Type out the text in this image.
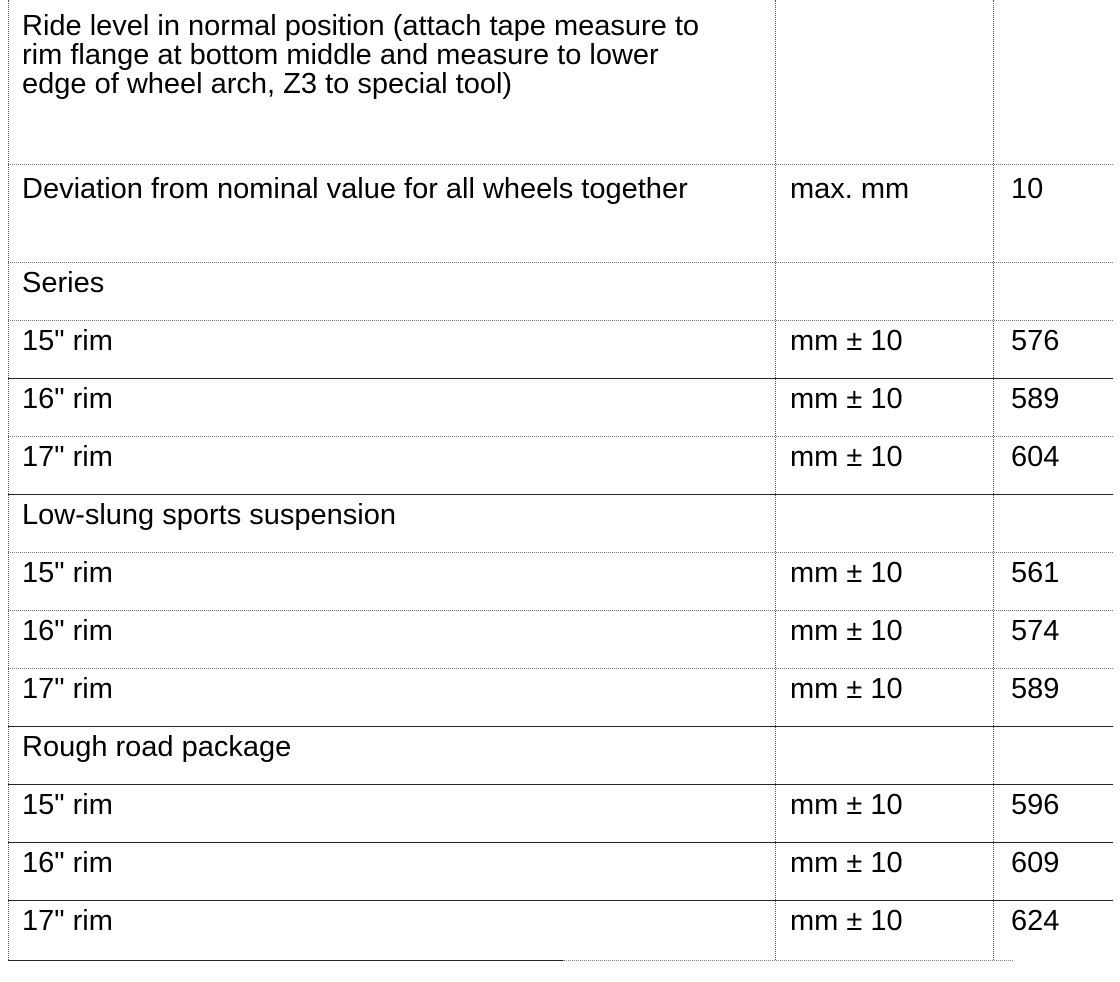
Ride level in normal position (attach tape measure to rim flange at bottom middle and measure to lower edge of wheel arch, Z3 to special tool)
Deviation from nominal value for all wheels together	max. mm	10
Series
15" rim	mm ± 10	576
16" rim	mm ± 10	589
17" rim	mm ± 10	604
Low-slung sports suspension
15" rim	mm ± 10	561
16" rim	mm ± 10	574
17" rim	mm ± 10	589
Rough road package
15" rim	mm ± 10	596
16" rim	mm ± 10	609
17" rim	mm ± 10	624
